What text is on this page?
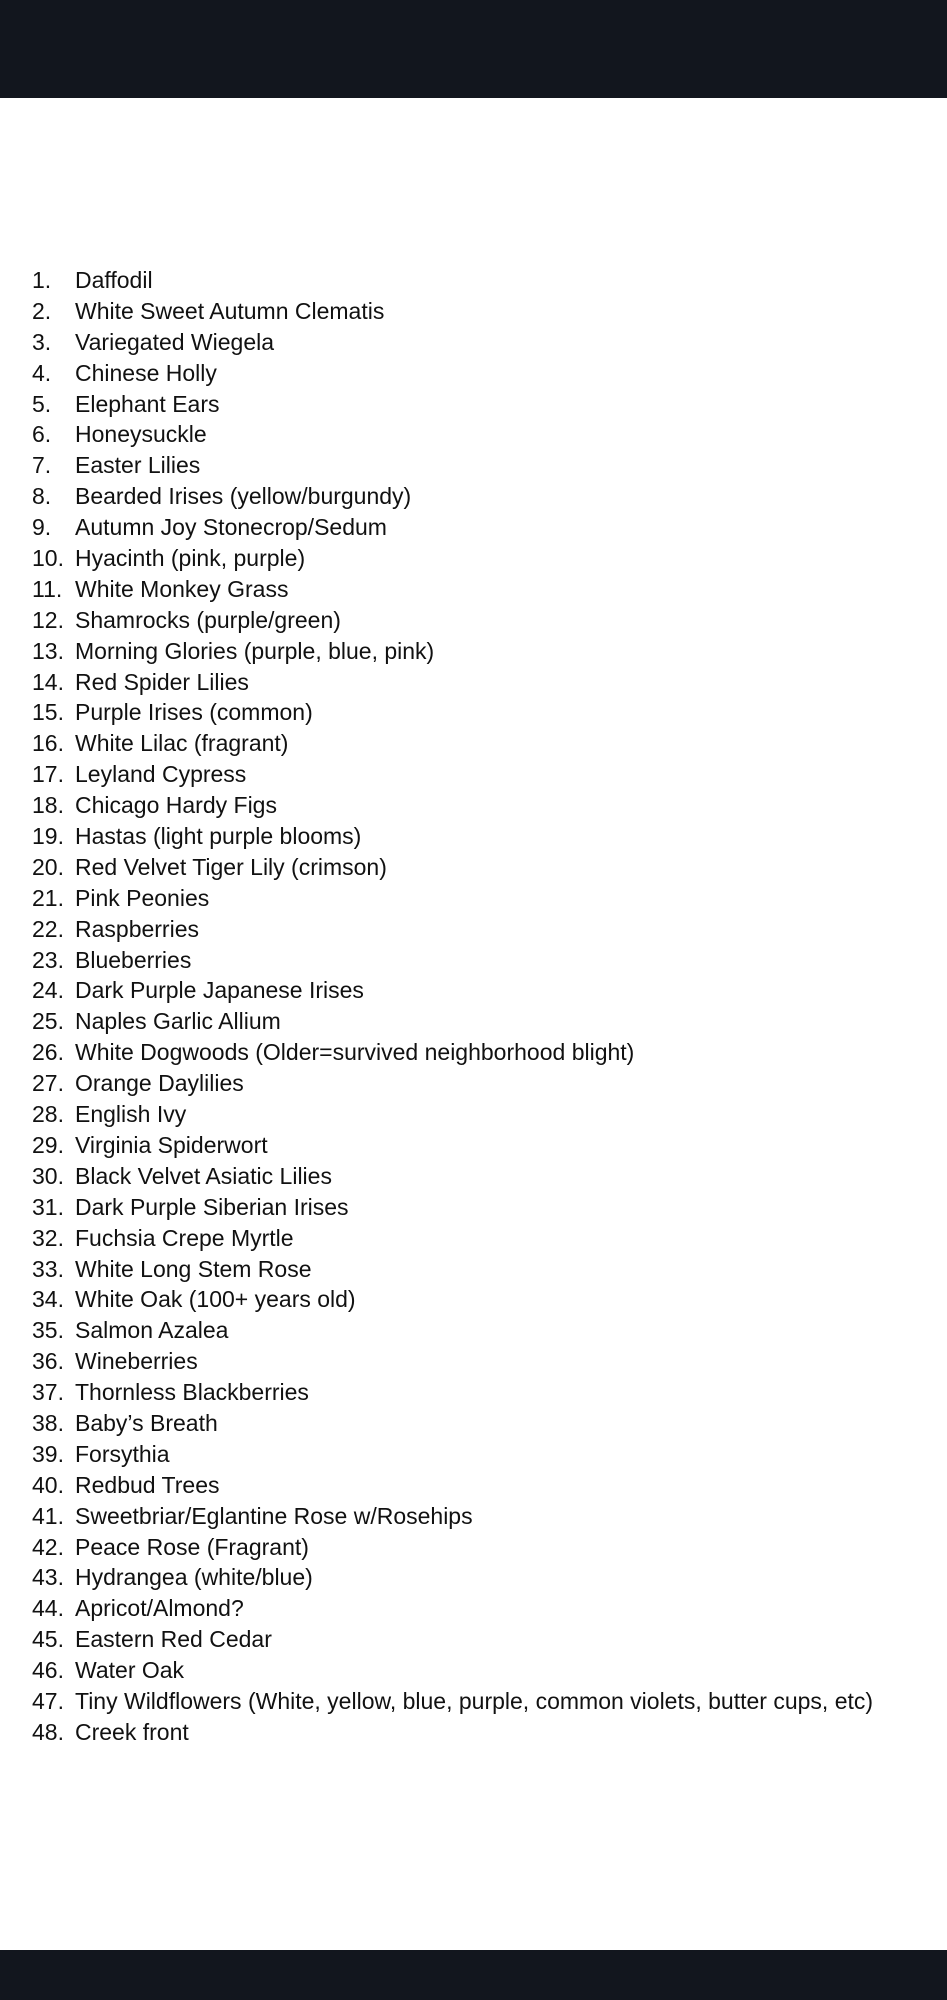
1. Daffodil
2. White Sweet Autumn Clematis
3. Variegated Wiegela
4. Chinese Holly
5. Elephant Ears
6. Honeysuckle
7. Easter Lilies
8. Bearded Irises (yellow/burgundy)
9. Autumn Joy Stonecrop/Sedum
10. Hyacinth (pink, purple)
11. White Monkey Grass
12. Shamrocks (purple/green)
13. Morning Glories (purple, blue, pink)
14. Red Spider Lilies
15. Purple Irises (common)
16. White Lilac (fragrant)
17. Leyland Cypress
18. Chicago Hardy Figs
19. Hastas (light purple blooms)
20. Red Velvet Tiger Lily (crimson)
21. Pink Peonies
22. Raspberries
23. Blueberries
24. Dark Purple Japanese Irises
25. Naples Garlic Allium
26. White Dogwoods (Older=survived neighborhood blight)
27. Orange Daylilies
28. English Ivy
29. Virginia Spiderwort
30. Black Velvet Asiatic Lilies
31. Dark Purple Siberian Irises
32. Fuchsia Crepe Myrtle
33. White Long Stem Rose
34. White Oak (100+ years old)
35. Salmon Azalea
36. Wineberries
37. Thornless Blackberries
38. Baby’s Breath
39. Forsythia
40. Redbud Trees
41. Sweetbriar/Eglantine Rose w/Rosehips
42. Peace Rose (Fragrant)
43. Hydrangea (white/blue)
44. Apricot/Almond?
45. Eastern Red Cedar
46. Water Oak
47. Tiny Wildflowers (White, yellow, blue, purple, common violets, butter cups, etc)
48. Creek front
